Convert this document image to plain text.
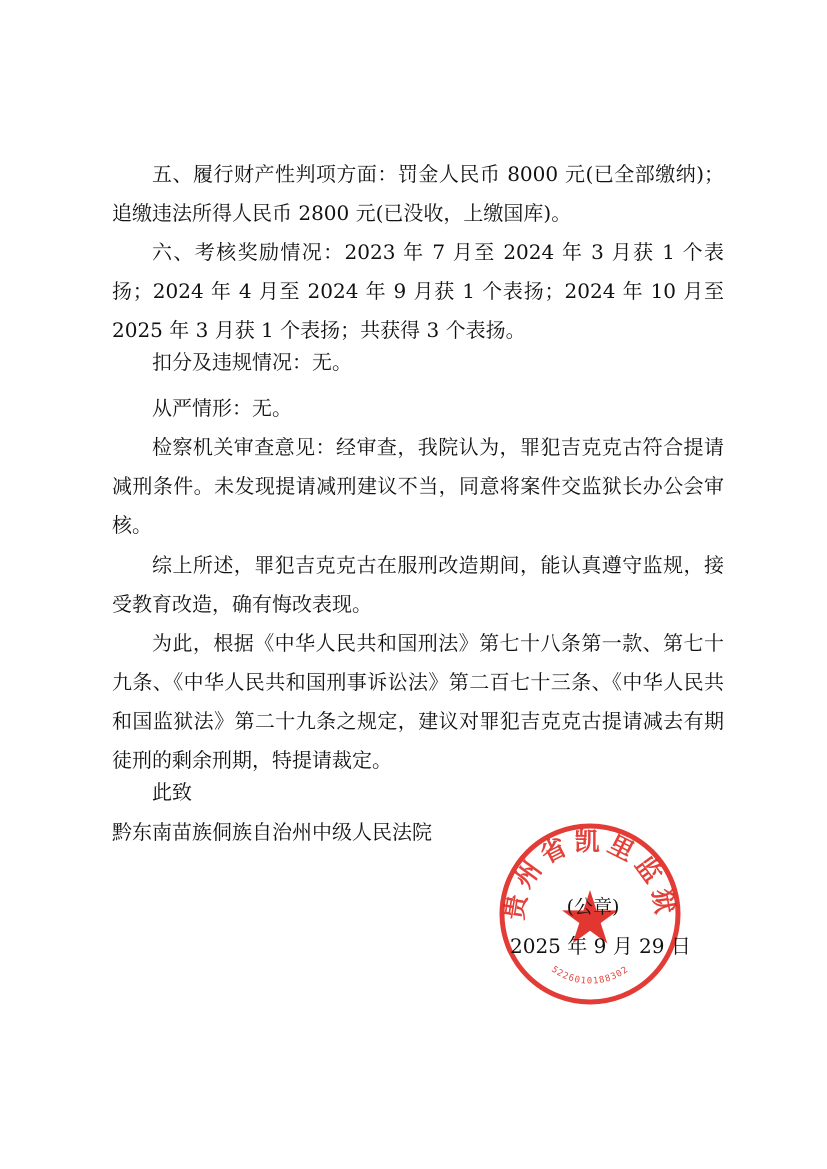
五、履行财产性判项方面：罚金人民币 8000 元(已全部缴纳)；追缴违法所得人民币 2800 元(已没收，上缴国库)。

六、考核奖励情况：2023 年 7 月至 2024 年 3 月获 1 个表扬；2024 年 4 月至 2024 年 9 月获 1 个表扬；2024 年 10 月至 2025 年 3 月获 1 个表扬；共获得 3 个表扬。

扣分及违规情况：无。

从严情形：无。

检察机关审查意见：经审查，我院认为，罪犯吉克克古符合提请减刑条件。未发现提请减刑建议不当，同意将案件交监狱长办公会审核。

综上所述，罪犯吉克克古在服刑改造期间，能认真遵守监规，接受教育改造，确有悔改表现。

为此，根据《中华人民共和国刑法》第七十八条第一款、第七十九条、《中华人民共和国刑事诉讼法》第二百七十三条、《中华人民共和国监狱法》第二十九条之规定，建议对罪犯吉克克古提请减去有期徒刑的剩余刑期，特提请裁定。

此致

黔东南苗族侗族自治州中级人民法院

贵州省凯里监狱
5226010188302
(公章)
2025 年 9 月 29 日
